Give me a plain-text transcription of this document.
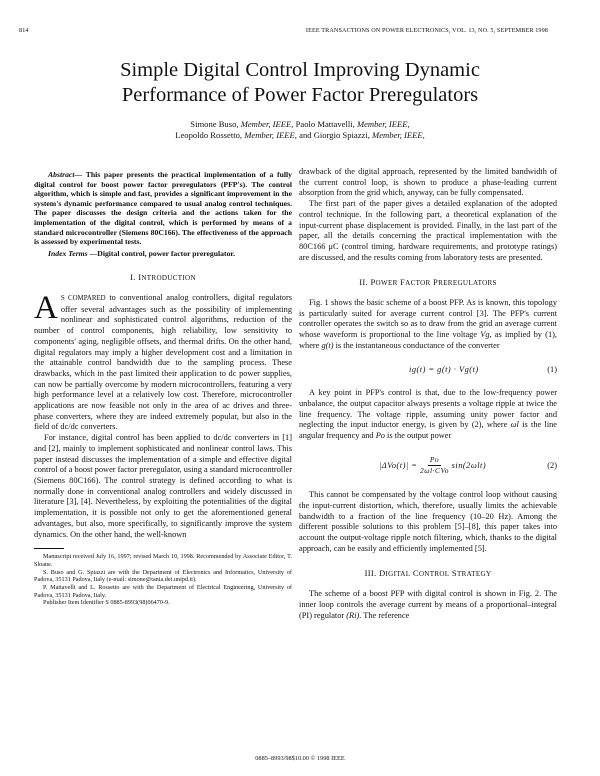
814	IEEE TRANSACTIONS ON POWER ELECTRONICS, VOL. 13, NO. 5, SEPTEMBER 1998
Simple Digital Control Improving Dynamic
Performance of Power Factor Preregulators
Simone Buso, Member, IEEE, Paolo Mattavelli, Member, IEEE,
Leopoldo Rossetto, Member, IEEE, and Giorgio Spiazzi, Member, IEEE,

Abstract— This paper presents the practical implementation of a fully digital control for boost power factor preregulators (PFP's). The control algorithm, which is simple and fast, provides a significant improvement in the system's dynamic performance compared to usual analog control techniques. The paper discusses the design criteria and the actions taken for the implementation of the digital control, which is performed by means of a standard microcontroller (Siemens 80C166). The effectiveness of the approach is assessed by experimental tests.

Index Terms —Digital control, power factor preregulator.

I. INTRODUCTION

A S COMPARED to conventional analog controllers, digital regulators offer several advantages such as the possibility of implementing nonlinear and sophisticated control algorithms, reduction of the number of control components, high reliability, low sensitivity to components' aging, negligible offsets, and thermal drifts. On the other hand, digital regulators may imply a higher development cost and a limitation in the attainable control bandwidth due to the sampling process. These drawbacks, which in the past limited their application to dc power supplies, can now be partially overcome by modern microcontrollers, featuring a very high performance level at a relatively low cost. Therefore, microcontroller applications are now feasible not only in the area of ac drives and three-phase converters, where they are indeed extremely popular, but also in the field of dc/dc converters.

For instance, digital control has been applied to dc/dc converters in [1] and [2], mainly to implement sophisticated and nonlinear control laws. This paper instead discusses the implementation of a simple and effective digital control of a boost power factor preregulator, using a standard microcontroller (Siemens 80C166). The control strategy is defined according to what is normally done in conventional analog controllers and widely discussed in literature [3], [4]. Nevertheless, by exploiting the potentialities of the digital implementation, it is possible not only to get the aforementioned general advantages, but also, more specifically, to significantly improve the system dynamics. On the other hand, the well-known

Manuscript received July 16, 1997; revised March 10, 1998. Recommended by Associate Editor, T. Sloane.

S. Buso and G. Spiazzi are with the Department of Electronics and Informatics, University of Padova, 35131 Padova, Italy (e-mail: simone@tania.dei.unipd.it).

P. Mattavelli and L. Rossetto are with the Department of Electrical Engineering, University of Padova, 35131 Padova, Italy.

Publisher Item Identifier S 0885-8993(98)06470-9.

drawback of the digital approach, represented by the limited bandwidth of the current control loop, is shown to produce a phase-leading current absorption from the grid which, anyway, can be fully compensated.

The first part of the paper gives a detailed explanation of the adopted control technique. In the following part, a theoretical explanation of the input-current phase displacement is provided. Finally, in the last part of the paper, all the details concerning the practical implementation with the 80C166 μC (control timing, hardware requirements, and prototype ratings) are discussed, and the results coming from laboratory tests are presented.

II. POWER FACTOR PREREGULATORS

Fig. 1 shows the basic scheme of a boost PFP. As is known, this topology is particularly suited for average current control [3]. The PFP's current controller operates the switch so as to draw from the grid an average current whose waveform is proportional to the line voltage Vg, as implied by (1), where g(t) is the instantaneous conductance of the converter

ig(t) = g(t) · Vg(t)	(1)

A key point in PFP's control is that, due to the low-frequency power unbalance, the output capacitor always presents a voltage ripple at twice the line frequency. The voltage ripple, assuming unity power factor and neglecting the input inductor energy, is given by (2), where ωl is the line angular frequency and Po is the output power

$|\Delta Vo(t)| = \frac{Po}{\text{2ωl·CVo}} \sin(2\omega lt)$	(2)

This cannot be compensated by the voltage control loop without causing the input-current distortion, which, therefore, usually limits the achievable bandwidth to a fraction of the line frequency (10–20 Hz). Among the different possible solutions to this problem [5]–[8], this paper takes into account the output-voltage ripple notch filtering, which, thanks to the digital approach, can be easily and efficiently implemented [5].

III. DIGITAL CONTROL STRATEGY

The scheme of a boost PFP with digital control is shown in Fig. 2. The inner loop controls the average current by means of a proportional–integral (PI) regulator (Ri). The reference

0885–8993/98$10.00 © 1998 IEEE
